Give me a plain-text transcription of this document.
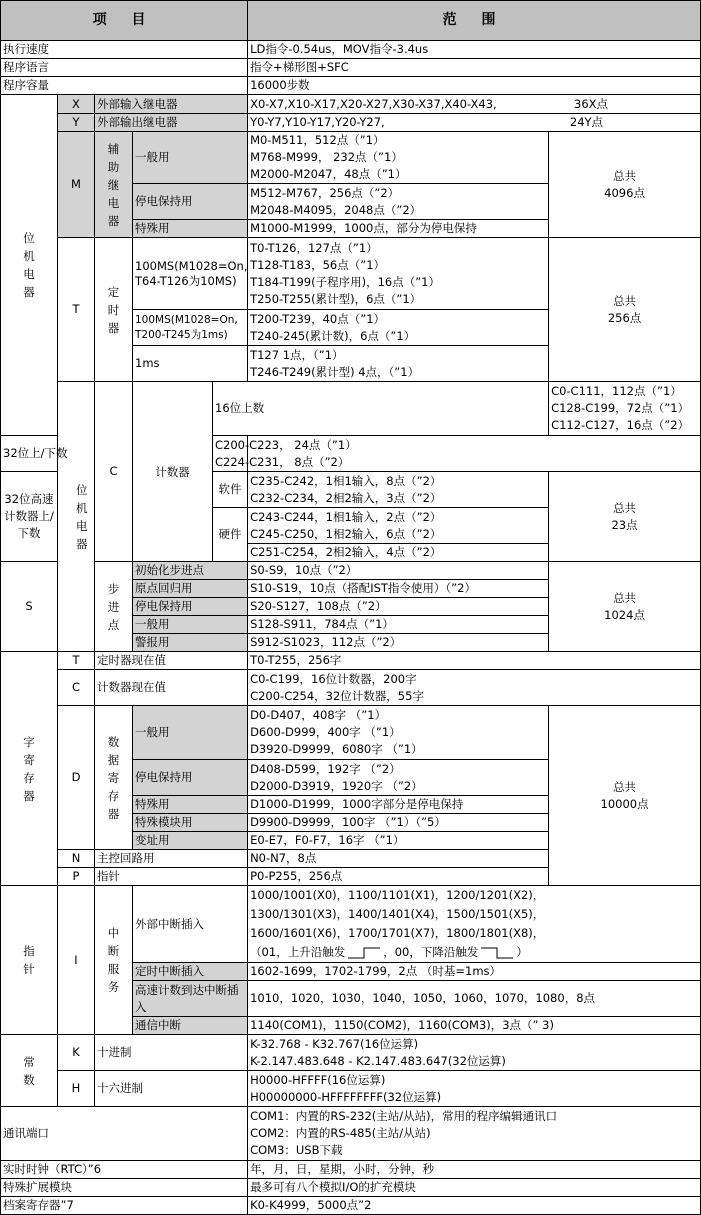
项 目					范 围		
执行速度					LD指令-0.54us，MOV指令-3.4us		
程序语言					指令+梯形图+SFC		
程序容量					16000步数		
位机电器	X	外部输入继电器			X0-X7,X10-X17,X20-X27,X30-X37,X40-X43, 36X点		

	Y	外部输出继电器			Y0-Y7,Y10-Y17,Y20-Y27, 24Y点		

	M	辅助继电器	一般用		M0-M511，512点（”1）
M768-M999， 232点（”1）
M2000-M2047，48点（”1）	总共
4096点	

			停电保持用		M512-M767，256点（”2）
M2048-M4095，2048点（”2）		

			特殊用		M1000-M1999，1000点，部分为停电保持		
	T	定时器	100MS(M1028=On, T64-T126为10MS)		T0-T126，127点（”1）
T128-T183，56点（”1）
T184-T199(子程序用)，16点（”1）
T250-T255(累计型)，6点（”1）	总共
256点	

			100MS(M1028=On, T200-T245为1ms)		T200-T239，40点（”1）
T240-245(累计数)，6点（”1）		

			1ms		T127 1点，（”1）
T246-T249(累计型) 4点，（”1）		

	位机电器	C	计数器	16位上数		C0-C111，112点（”1）
C128-C199，72点（”1）
C112-C127，16点（”2）

32位上/下数				C200-C223， 24点（”1）
C224-C231， 8点（”2）			

32位高速计数器上/下数				软件	C235-C242，1相1输入，8点（”2）
C232-C234，2相2输入，3点（”2）	总共
23点	

				硬件	C243-C244，1相1输入，2点（”2）
C245-C250，1相2输入，6点（”2）		

					C251-C254，2相2输入，4点（”2）		
S		步进点	初始化步进点		S0-S9，10点（”2）	总共
1024点	

			原点回归用		S10-S19，10点（搭配IST指令使用）（”2）		
			停电保持用		S20-S127，108点（”2）		
			一般用		S128-S911，784点（”1）		
			警报用		S912-S1023，112点（”2）		
字寄存器	T	定时器现在值			T0-T255，256字		
	C	计数器现在值			C0-C199，16位计数器，200字
C200-C254，32位计数器，55字		

	D	数据寄存器	一般用		D0-D407，408字 （”1）
D600-D999，400字 （”1）
D3920-D9999，6080字 （”1）	总共
10000点	

			停电保持用		D408-D599，192字 （”2）
D2000-D3919，1920字 （”2）		

			特殊用		D1000-D1999，1000字部分是停电保持		
			特殊模块用		D9900-D9999，100字 （”1）（”5）		
			变址用		E0-E7，F0-F7，16字 （”1）		
	N	主控回路用			N0-N7，8点		
	P	指针			P0-P255，256点		
指针	I	中断服务	外部中断插入		1000/1001(X0)，1100/1101(X1)，1200/1201(X2)，
1300/1301(X3)，1400/1401(X4)，1500/1501(X5)，
1600/1601(X6)，1700/1701(X7)，1800/1801(X8)，
（01，上升沿触发 ，00，下降沿触发 ）		

			定时中断插入		1602-1699，1702-1799，2点 （时基=1ms）		
			高速计数到达中断插入		1010，1020，1030，1040，1050，1060，1070，1080，8点		
			通信中断		1140(COM1)，1150(COM2)，1160(COM3)，3点（” 3)		
常数	K	十进制			K-32.768 - K32.767(16位运算)
K-2.147.483.648 - K2.147.483.647(32位运算)		

	H	十六进制			H0000-HFFFF(16位运算)
H00000000-HFFFFFFFF(32位运算)		

通讯端口					COM1：内置的RS-232(主站/从站)，常用的程序编辑通讯口
COM2：内置的RS-485(主站/从站)
COM3：USB下载		

实时时钟（RTC）”6					年，月，日，星期，小时，分钟，秒		
特殊扩展模块					最多可有八个模拟I/O的扩充模块		
档案寄存器”7					K0-K4999，5000点”2		
